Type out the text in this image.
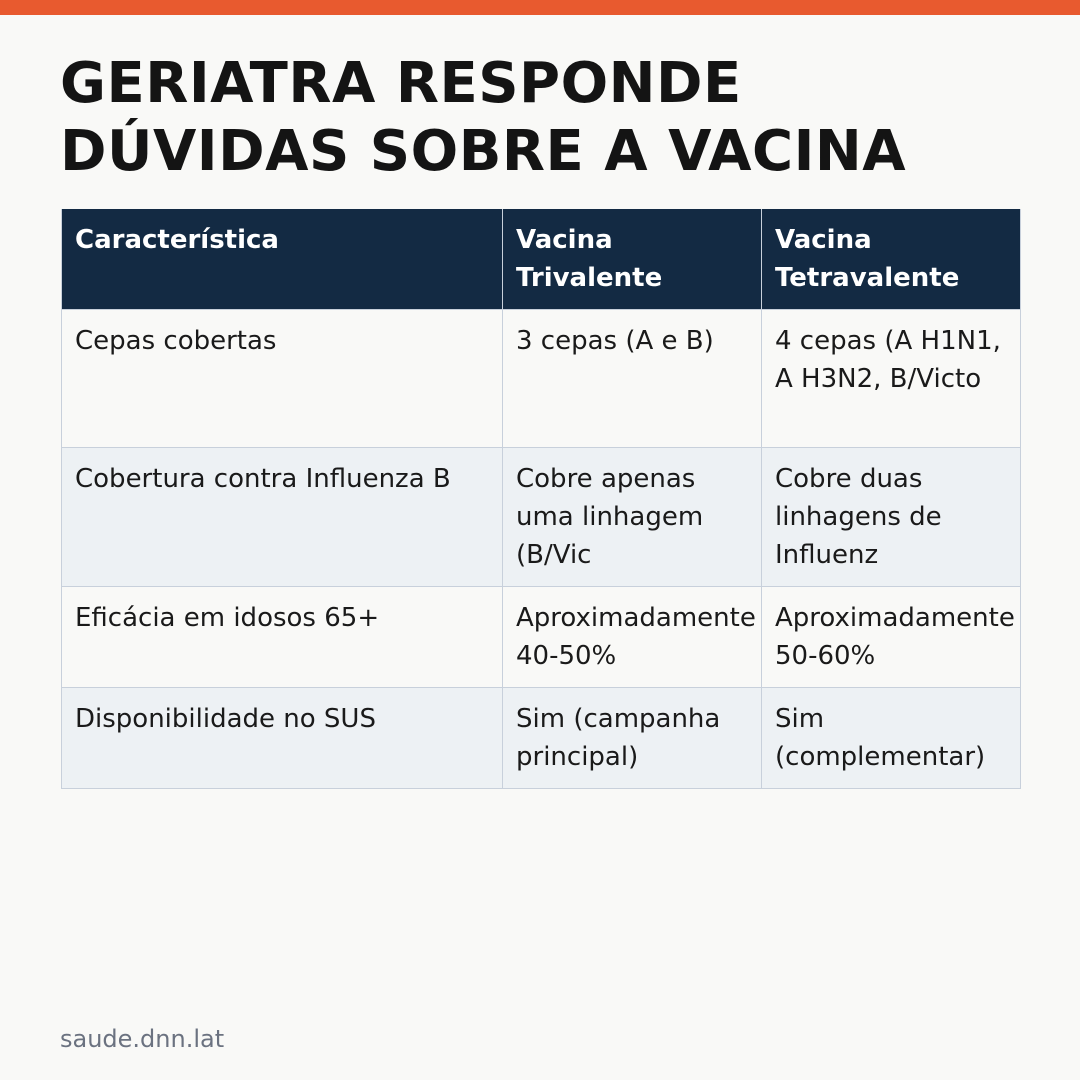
GERIATRA RESPONDE
DÚVIDAS SOBRE A VACINA
Característica	Vacina Trivalente	Vacina Tetravalente
Cepas cobertas	3 cepas (A e B)	4 cepas (A H1N1, A H3N2, B/Victo
Cobertura contra Influenza B	Cobre apenas uma linhagem (B/Vic	Cobre duas linhagens de Influenz
Eficácia em idosos 65+	Aproximadamente 40-50%	Aproximadamente 50-60%
Disponibilidade no SUS	Sim (campanha principal)	Sim (complementar)
saude.dnn.lat
